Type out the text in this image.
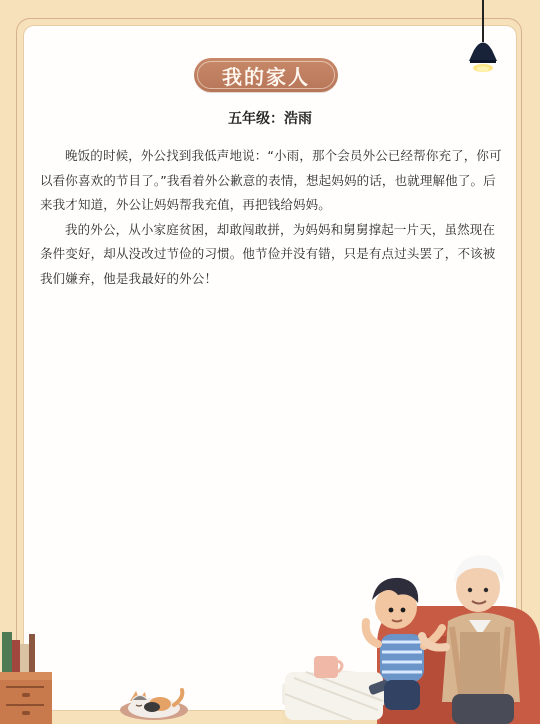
我的家人
五年级：浩雨

晚饭的时候，外公找到我低声地说：“小雨，那个会员外公已经帮你充了，你可以看你喜欢的节目了。”我看着外公歉意的表情，想起妈妈的话，也就理解他了。后来我才知道，外公让妈妈帮我充值，再把钱给妈妈。

我的外公，从小家庭贫困，却敢闯敢拼，为妈妈和舅舅撑起一片天，虽然现在条件变好，却从没改过节俭的习惯。他节俭并没有错，只是有点过头罢了，不该被我们嫌弃，他是我最好的外公！
